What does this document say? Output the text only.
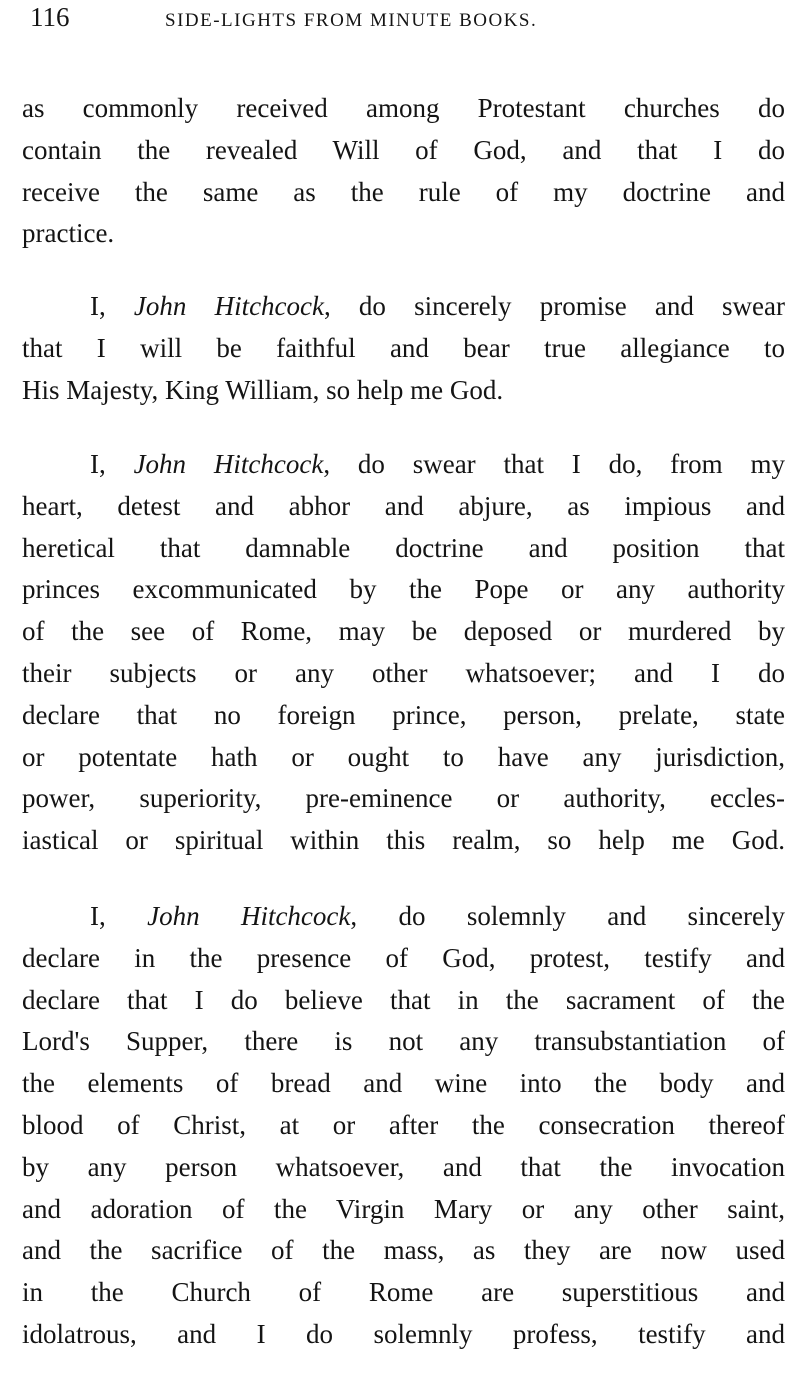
116	SIDE-LIGHTS FROM MINUTE BOOKS.
as commonly received among Protestant churches do
contain the revealed Will of God, and that I do
receive the same as the rule of my doctrine and
practice.
I, John Hitchcock, do sincerely promise and swear
that I will be faithful and bear true allegiance to
His Majesty, King William, so help me God.
I, John Hitchcock, do swear that I do, from my
heart, detest and abhor and abjure, as impious and
heretical that damnable doctrine and position that
princes excommunicated by the Pope or any authority
of the see of Rome, may be deposed or murdered by
their subjects or any other whatsoever; and I do
declare that no foreign prince, person, prelate, state
or potentate hath or ought to have any jurisdiction,
power, superiority, pre-eminence or authority, eccles-
iastical or spiritual within this realm, so help me God.
I, John Hitchcock, do solemnly and sincerely
declare in the presence of God, protest, testify and
declare that I do believe that in the sacrament of the
Lord's Supper, there is not any transubstantiation of
the elements of bread and wine into the body and
blood of Christ, at or after the consecration thereof
by any person whatsoever, and that the invocation
and adoration of the Virgin Mary or any other saint,
and the sacrifice of the mass, as they are now used
in the Church of Rome are superstitious and
idolatrous, and I do solemnly profess, testify and
